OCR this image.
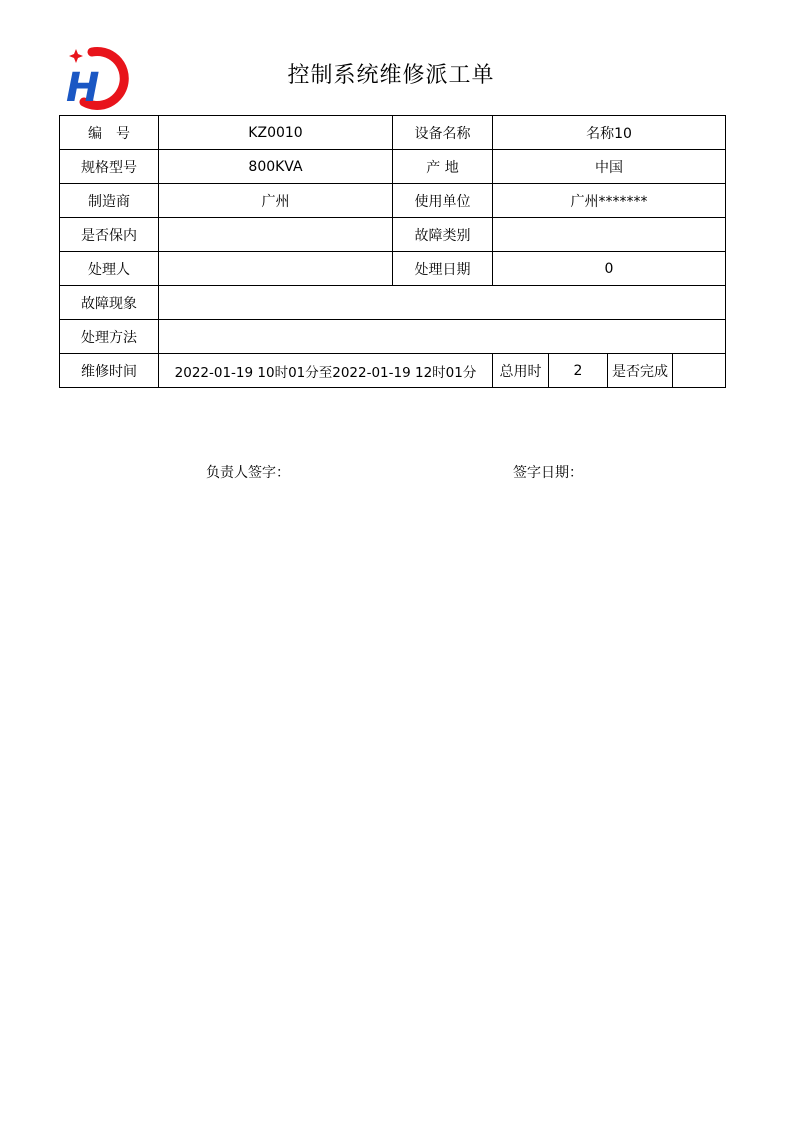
H	控制系统维修派工单
编　号	KZ0010	设备名称	名称10			
规格型号	800KVA	产 地	中国			
制造商	广州	使用单位	广州*******			
是否保内		故障类别				
处理人		处理日期	0			
故障现象						
处理方法						
维修时间	2022-01-19 10时01分至2022-01-19 12时01分		总用时	2	是否完成	
负责人签字：	签字日期：
